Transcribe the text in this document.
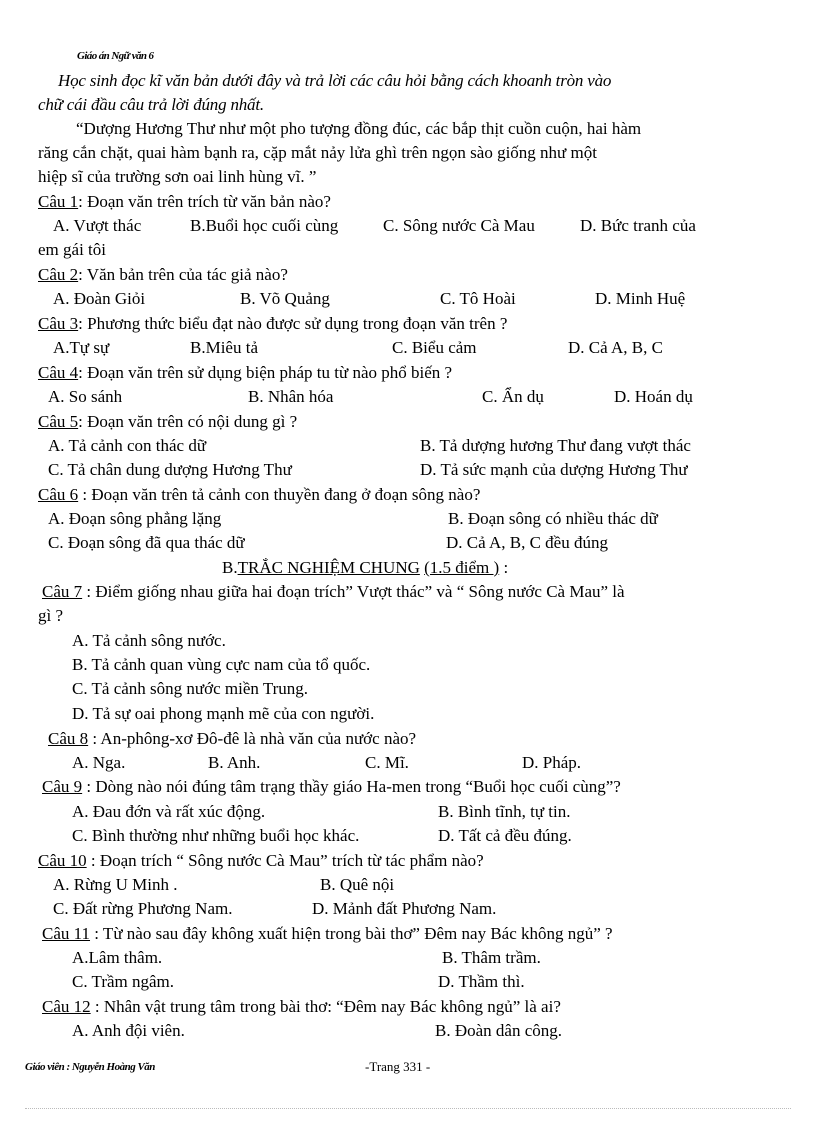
Giáo án Ngữ văn 6
Học sinh đọc kĩ văn bản dưới đây và trả lời các câu hỏi bằng cách khoanh tròn vào
chữ cái đầu câu trả lời đúng nhất.
“Dượng Hương Thư như một pho tượng đồng đúc, các bắp thịt cuồn cuộn, hai hàm
răng cắn chặt, quai hàm bạnh ra, cặp mắt nảy lửa ghì trên ngọn sào giống như một
hiệp sĩ của trường sơn oai linh hùng vĩ. ”
Câu 1: Đoạn văn trên trích từ văn bản nào?
A. Vượt thác	B.Buổi học cuối cùng	C. Sông nước Cà Mau	D. Bức tranh của
em gái tôi
Câu 2: Văn bản trên của tác giả nào?
A. Đoàn Giỏi	B. Võ Quảng	C. Tô Hoài	D. Minh Huệ
Câu 3: Phương thức biểu đạt nào được sử dụng trong đoạn văn trên ?
A.Tự sự	B.Miêu tả	C. Biểu cảm	D. Cả A, B, C
Câu 4: Đoạn văn trên sử dụng biện pháp tu từ nào phổ biến ?
A. So sánh	B. Nhân hóa	C. Ẩn dụ	D. Hoán dụ
Câu 5: Đoạn văn trên có nội dung gì ?
A. Tả cảnh con thác dữ	B. Tả dượng hương Thư đang vượt thác
C. Tả chân dung dượng Hương Thư	D. Tả sức mạnh của dượng Hương Thư
Câu 6 : Đoạn văn trên tả cảnh con thuyền đang ở đoạn sông nào?
A. Đoạn sông phẳng lặng	B. Đoạn sông có nhiều thác dữ
C. Đoạn sông đã qua thác dữ	D. Cả A, B, C đều đúng
B.TRẮC NGHIỆM CHUNG (1.5 điểm ) :
Câu 7 : Điểm giống nhau giữa hai đoạn trích” Vượt thác” và “ Sông nước Cà Mau” là
gì ?
A. Tả cảnh sông nước.
B. Tả cảnh quan vùng cực nam của tổ quốc.
C. Tả cảnh sông nước miền Trung.
D. Tả sự oai phong mạnh mẽ của con người.
Câu 8 : An-phông-xơ Đô-đê là nhà văn của nước nào?
A. Nga.	B. Anh.	C. Mĩ.	D. Pháp.
Câu 9 : Dòng nào nói đúng tâm trạng thầy giáo Ha-men trong “Buổi học cuối cùng”?
A. Đau đớn và rất xúc động.	B. Bình tĩnh, tự tin.
C. Bình thường như những buổi học khác.	D. Tất cả đều đúng.
Câu 10 : Đoạn trích “ Sông nước Cà Mau” trích từ tác phẩm nào?
A. Rừng U Minh .	B. Quê nội
C. Đất rừng Phương Nam.	D. Mảnh đất Phương Nam.
Câu 11 : Từ nào sau đây không xuất hiện trong bài thơ” Đêm nay Bác không ngủ” ?
A.Lâm thâm.	B. Thâm trầm.
C. Trầm ngâm.	D. Thầm thì.
Câu 12 : Nhân vật trung tâm trong bài thơ: “Đêm nay Bác không ngủ” là ai?
A. Anh đội viên.	B. Đoàn dân công.
Giáo viên : Nguyễn Hoàng Văn	-Trang 331 -
